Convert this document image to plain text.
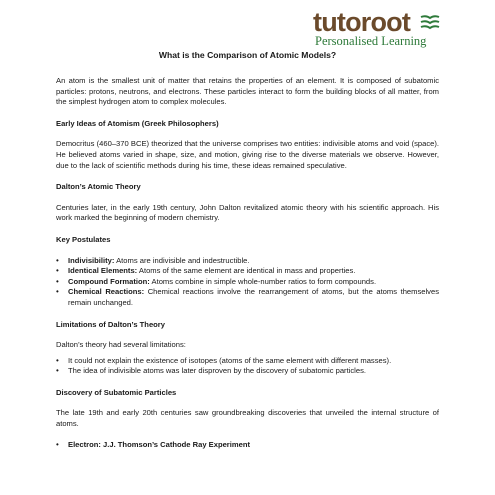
tutoroot
Personalised Learning
What is the Comparison of Atomic Models?

An atom is the smallest unit of matter that retains the properties of an element. It is composed of subatomic particles: protons, neutrons, and electrons. These particles interact to form the building blocks of all matter, from the simplest hydrogen atom to complex molecules.

Early Ideas of Atomism (Greek Philosophers)

Democritus (460–370 BCE) theorized that the universe comprises two entities: indivisible atoms and void (space). He believed atoms varied in shape, size, and motion, giving rise to the diverse materials we observe. However, due to the lack of scientific methods during his time, these ideas remained speculative.

Dalton’s Atomic Theory

Centuries later, in the early 19th century, John Dalton revitalized atomic theory with his scientific approach. His work marked the beginning of modern chemistry.

Key Postulates
• Indivisibility: Atoms are indivisible and indestructible.
• Identical Elements: Atoms of the same element are identical in mass and properties.
• Compound Formation: Atoms combine in simple whole-number ratios to form compounds.
• Chemical Reactions: Chemical reactions involve the rearrangement of atoms, but the atoms themselves remain unchanged.
Limitations of Dalton’s Theory

Dalton’s theory had several limitations:

• It could not explain the existence of isotopes (atoms of the same element with different masses).
• The idea of indivisible atoms was later disproven by the discovery of subatomic particles.
Discovery of Subatomic Particles

The late 19th and early 20th centuries saw groundbreaking discoveries that unveiled the internal structure of atoms.

• Electron: J.J. Thomson’s Cathode Ray Experiment
